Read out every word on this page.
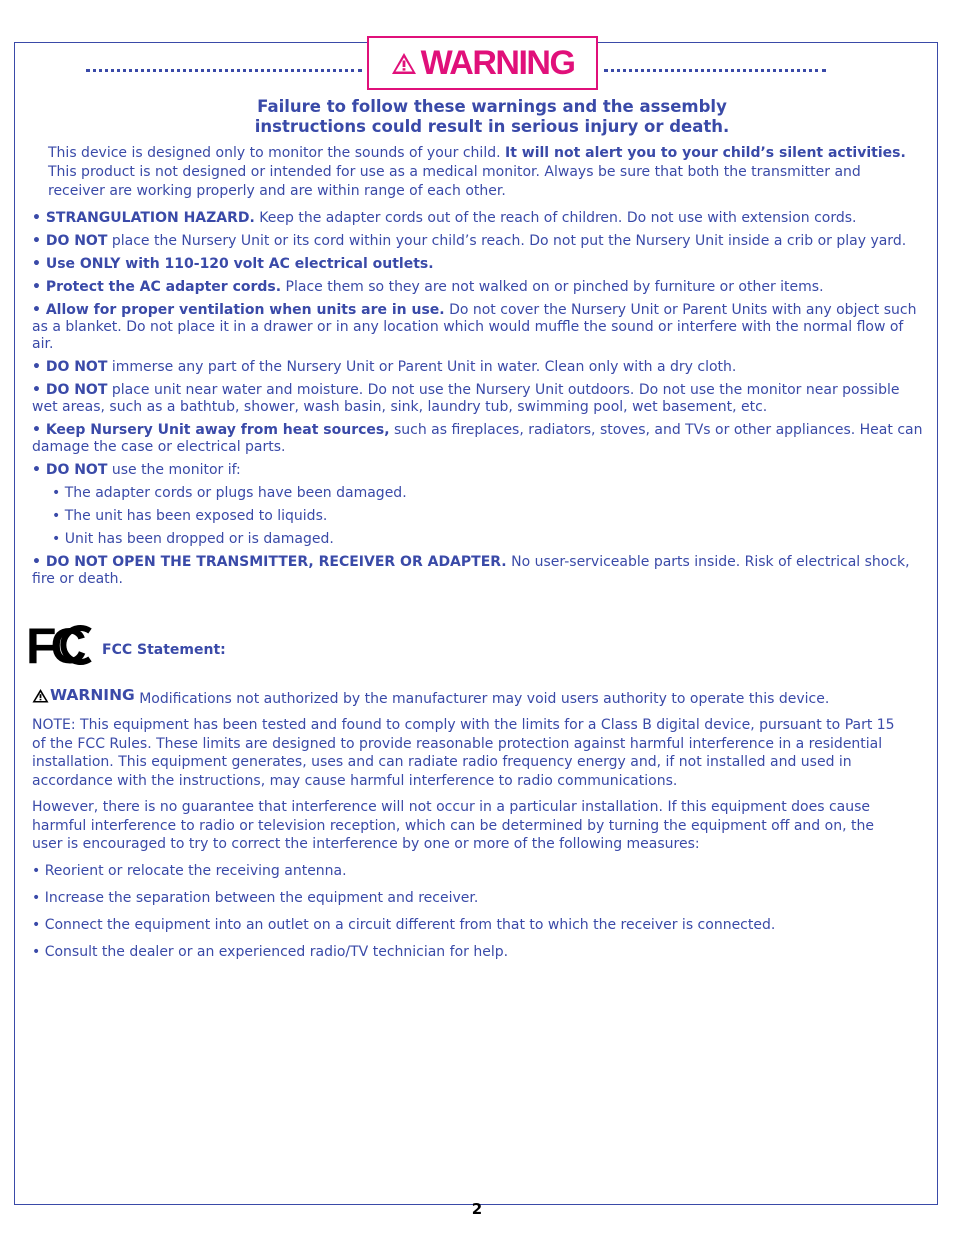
WARNING
Failure to follow these warnings and the assembly
instructions could result in serious injury or death.
This device is designed only to monitor the sounds of your child. It will not alert you to your child’s silent activities. This product is not designed or intended for use as a medical monitor. Always be sure that both the transmitter and receiver are working properly and are within range of each other.

• STRANGULATION HAZARD. Keep the adapter cords out of the reach of children. Do not use with extension cords.

• DO NOT place the Nursery Unit or its cord within your child’s reach. Do not put the Nursery Unit inside a crib or play yard.

• Use ONLY with 110-120 volt AC electrical outlets.

• Protect the AC adapter cords. Place them so they are not walked on or pinched by furniture or other items.

• Allow for proper ventilation when units are in use. Do not cover the Nursery Unit or Parent Units with any object such as a blanket. Do not place it in a drawer or in any location which would muffle the sound or interfere with the normal flow of air.

• DO NOT immerse any part of the Nursery Unit or Parent Unit in water. Clean only with a dry cloth.

• DO NOT place unit near water and moisture. Do not use the Nursery Unit outdoors. Do not use the monitor near possible wet areas, such as a bathtub, shower, wash basin, sink, laundry tub, swimming pool, wet basement, etc.

• Keep Nursery Unit away from heat sources, such as fireplaces, radiators, stoves, and TVs or other appliances. Heat can damage the case or electrical parts.

• DO NOT use the monitor if:

• The adapter cords or plugs have been damaged.

• The unit has been exposed to liquids.

• Unit has been dropped or is damaged.

• DO NOT OPEN THE TRANSMITTER, RECEIVER OR ADAPTER. No user-serviceable parts inside. Risk of electrical shock, fire or death.

FC	FCC Statement:

WARNING Modifications not authorized by the manufacturer may void users authority to operate this device.

NOTE: This equipment has been tested and found to comply with the limits for a Class B digital device, pursuant to Part 15 of the FCC Rules. These limits are designed to provide reasonable protection against harmful interference in a residential installation. This equipment generates, uses and can radiate radio frequency energy and, if not installed and used in accordance with the instructions, may cause harmful interference to radio communications.

However, there is no guarantee that interference will not occur in a particular installation. If this equipment does cause harmful interference to radio or television reception, which can be determined by turning the equipment off and on, the user is encouraged to try to correct the interference by one or more of the following measures:

• Reorient or relocate the receiving antenna.

• Increase the separation between the equipment and receiver.

• Connect the equipment into an outlet on a circuit different from that to which the receiver is connected.

• Consult the dealer or an experienced radio/TV technician for help.

2
